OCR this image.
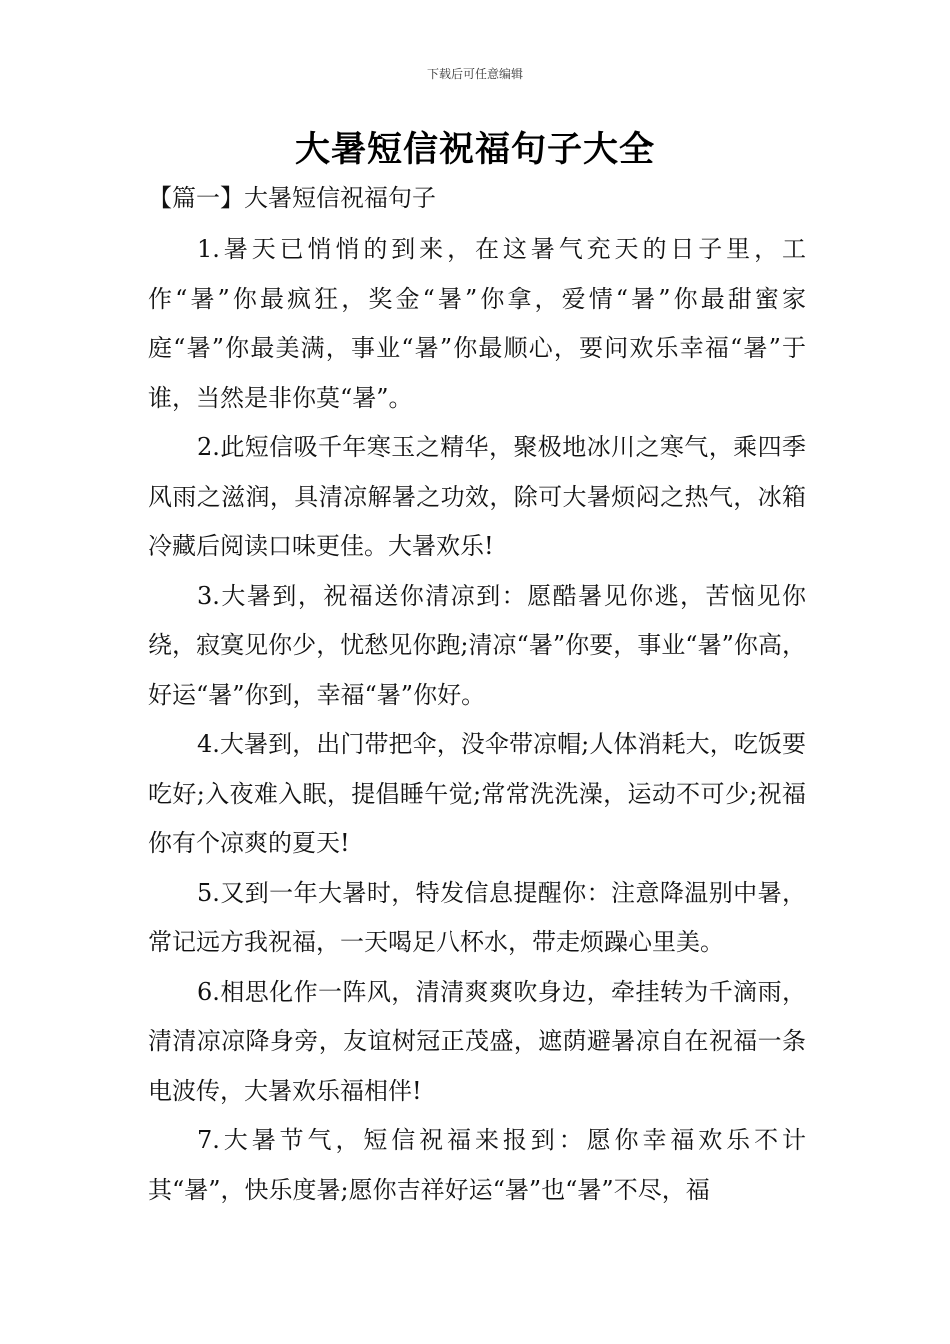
下载后可任意编辑
大暑短信祝福句子大全
【篇一】大暑短信祝福句子

1.暑天已悄悄的到来，在这暑气充天的日子里，工作“暑”你最疯狂，奖金“暑”你拿，爱情“暑”你最甜蜜家庭“暑”你最美满，事业“暑”你最顺心，要问欢乐幸福“暑”于谁，当然是非你莫“暑”。

2.此短信吸千年寒玉之精华，聚极地冰川之寒气，乘四季风雨之滋润，具清凉解暑之功效，除可大暑烦闷之热气，冰箱冷藏后阅读口味更佳。大暑欢乐!

3.大暑到，祝福送你清凉到：愿酷暑见你逃，苦恼见你绕，寂寞见你少，忧愁见你跑;清凉“暑”你要，事业“暑”你高，好运“暑”你到，幸福“暑”你好。

4.大暑到，出门带把伞，没伞带凉帽;人体消耗大，吃饭要吃好;入夜难入眠，提倡睡午觉;常常洗洗澡，运动不可少;祝福你有个凉爽的夏天!

5.又到一年大暑时，特发信息提醒你：注意降温别中暑，常记远方我祝福，一天喝足八杯水，带走烦躁心里美。

6.相思化作一阵风，清清爽爽吹身边，牵挂转为千滴雨，清清凉凉降身旁，友谊树冠正茂盛，遮荫避暑凉自在祝福一条电波传，大暑欢乐福相伴!

7.大暑节气，短信祝福来报到：愿你幸福欢乐不计其“暑”，快乐度暑;愿你吉祥好运“暑”也“暑”不尽，福
